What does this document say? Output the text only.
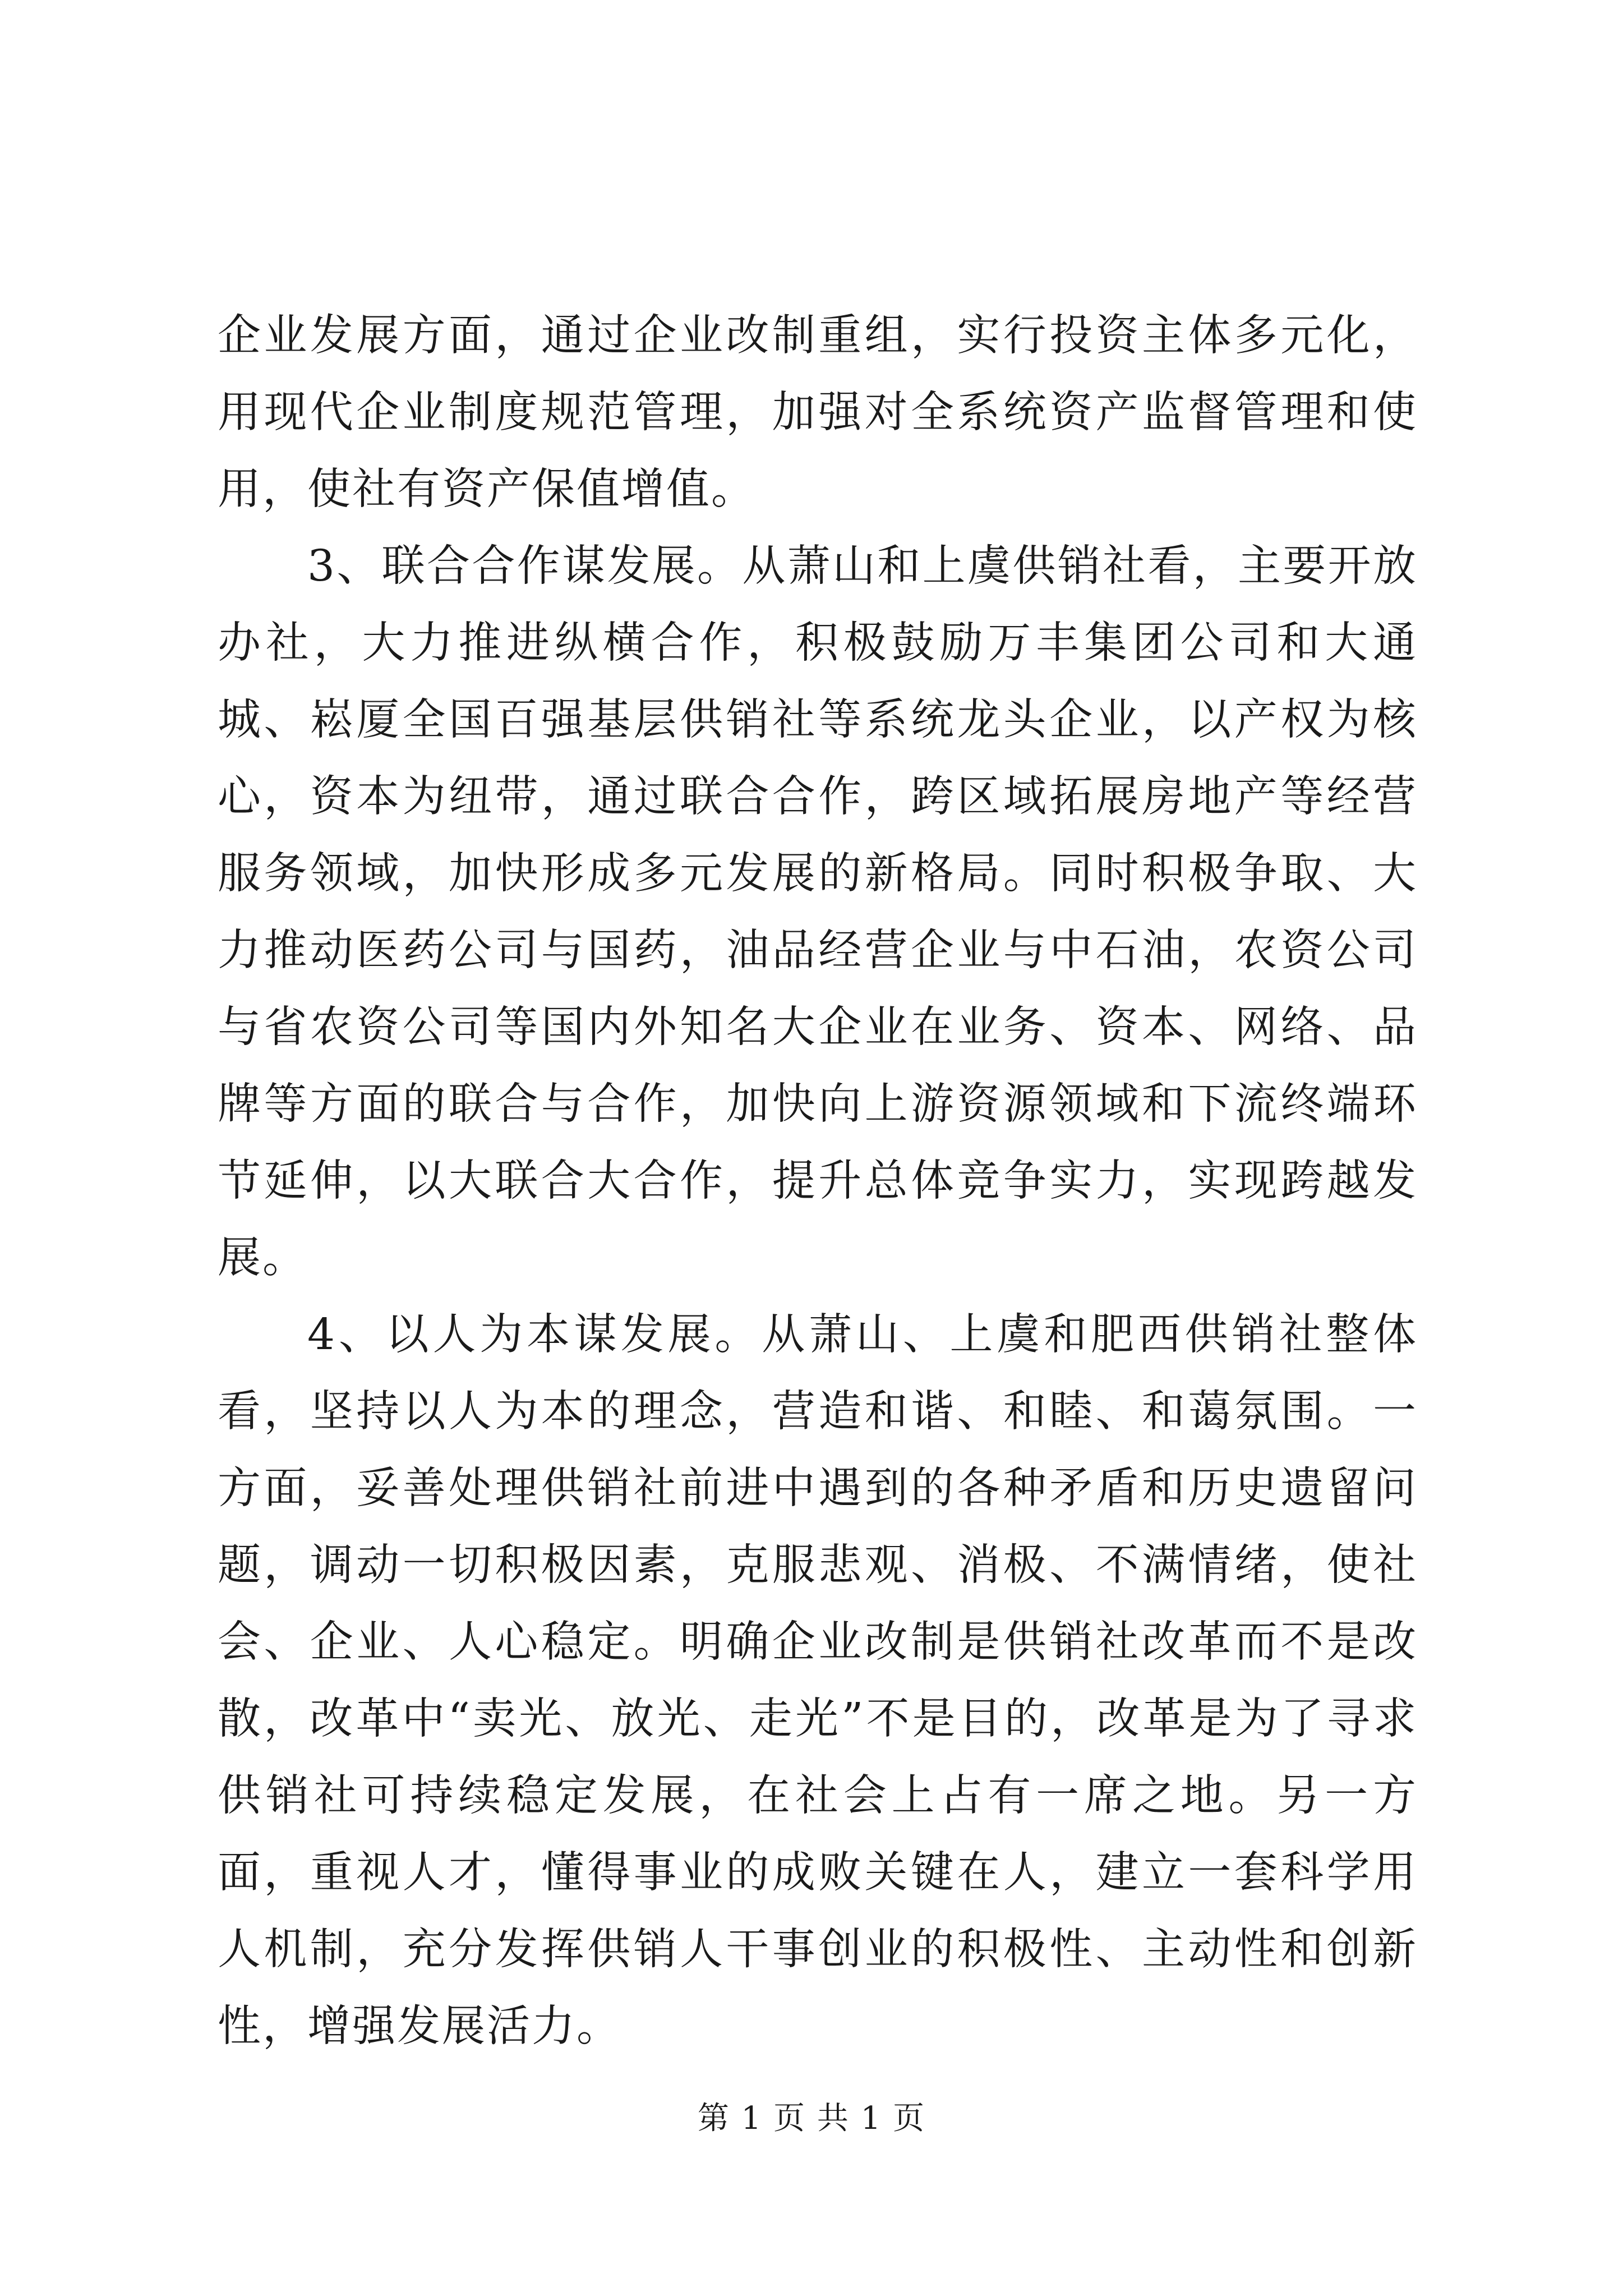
企业发展方面，通过企业改制重组，实行投资主体多元化，用现代企业制度规范管理，加强对全系统资产监督管理和使用，使社有资产保值增值。

3、联合合作谋发展。从萧山和上虞供销社看，主要开放办社，大力推进纵横合作，积极鼓励万丰集团公司和大通城、崧厦全国百强基层供销社等系统龙头企业，以产权为核心，资本为纽带，通过联合合作，跨区域拓展房地产等经营服务领域，加快形成多元发展的新格局。同时积极争取、大力推动医药公司与国药，油品经营企业与中石油，农资公司与省农资公司等国内外知名大企业在业务、资本、网络、品牌等方面的联合与合作，加快向上游资源领域和下流终端环节延伸，以大联合大合作，提升总体竞争实力，实现跨越发展。

4、以人为本谋发展。从萧山、上虞和肥西供销社整体看，坚持以人为本的理念，营造和谐、和睦、和蔼氛围。一方面，妥善处理供销社前进中遇到的各种矛盾和历史遗留问题，调动一切积极因素，克服悲观、消极、不满情绪，使社会、企业、人心稳定。明确企业改制是供销社改革而不是改散，改革中“卖光、放光、走光”不是目的，改革是为了寻求供销社可持续稳定发展，在社会上占有一席之地。另一方面，重视人才，懂得事业的成败关键在人，建立一套科学用人机制，充分发挥供销人干事创业的积极性、主动性和创新性，增强发展活力。

第 1 页 共 1 页
